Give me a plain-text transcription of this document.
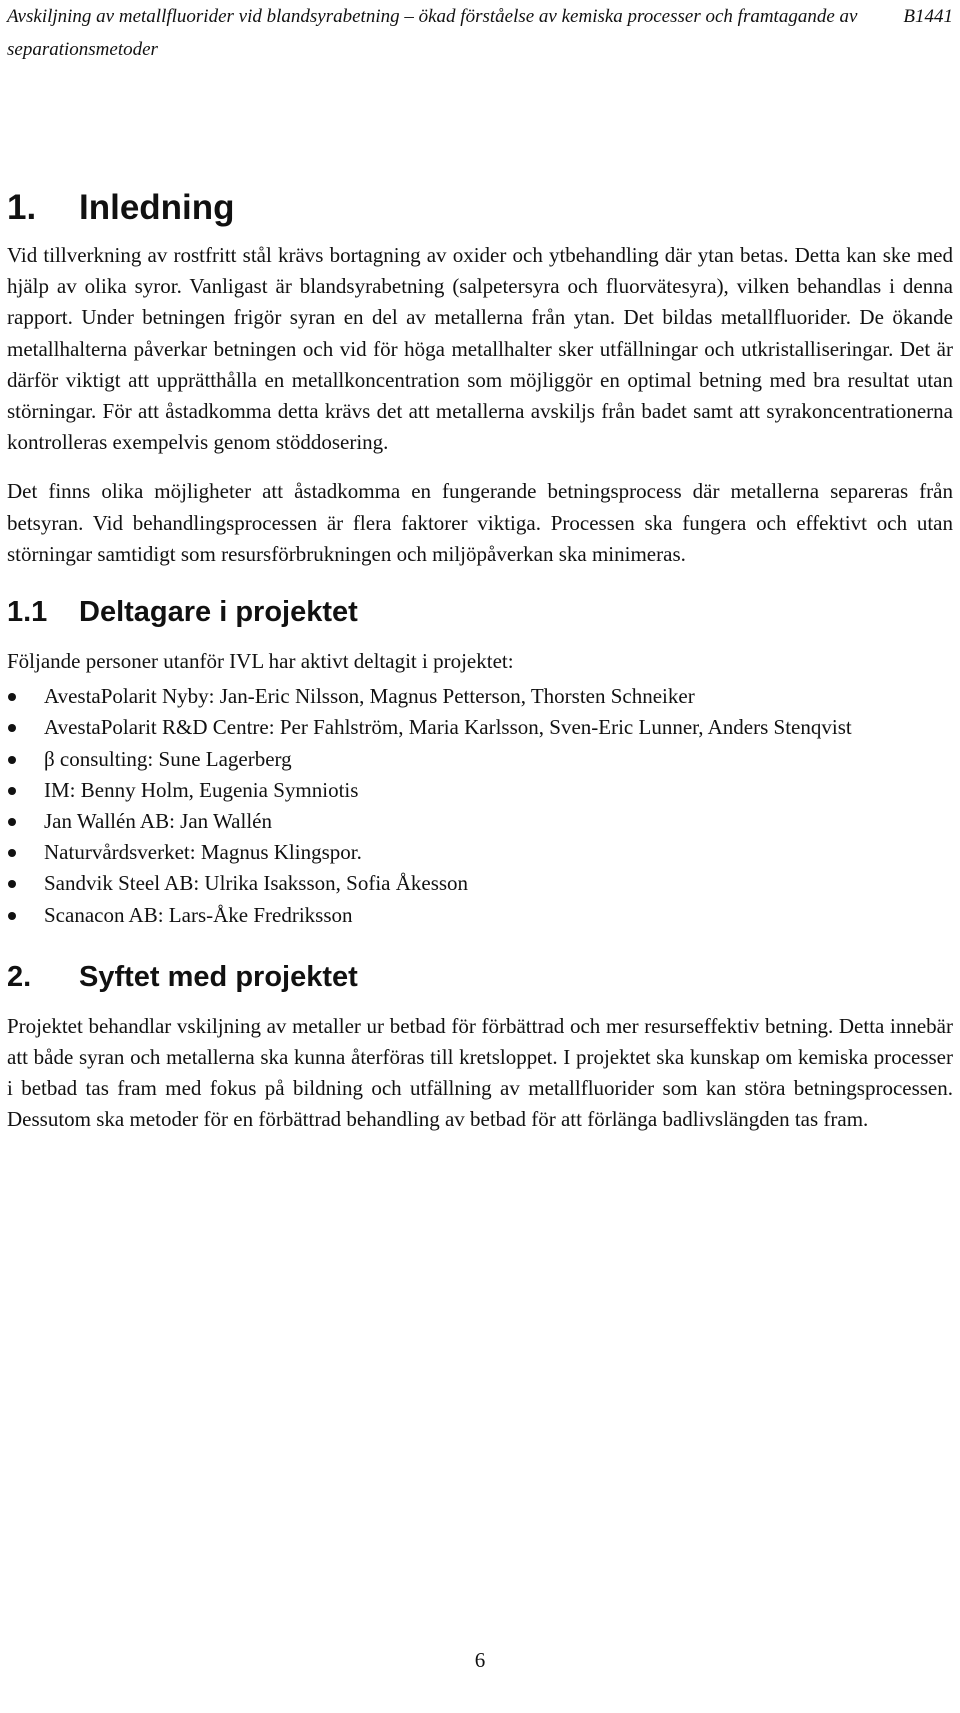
Avskiljning av metallfluorider vid blandsyrabetning – ökad förståelse av kemiska processer och framtagande av separationsmetoder
B1441
1.	Inledning

Vid tillverkning av rostfritt stål krävs bortagning av oxider och ytbehandling där ytan betas. Detta kan ske med hjälp av olika syror. Vanligast är blandsyrabetning (salpetersyra och fluorvätesyra), vilken behandlas i denna rapport. Under betningen frigör syran en del av metallerna från ytan. Det bildas metallfluorider. De ökande metallhalterna påverkar betningen och vid för höga metallhalter sker utfällningar och utkristalliseringar. Det är därför viktigt att upprätthålla en metallkoncentration som möjliggör en optimal betning med bra resultat utan störningar. För att åstadkomma detta krävs det att metallerna avskiljs från badet samt att syrakoncentrationerna kontrolleras exempelvis genom stöddosering.

Det finns olika möjligheter att åstadkomma en fungerande betningsprocess där metallerna separeras från betsyran. Vid behandlingsprocessen är flera faktorer viktiga. Processen ska fungera och effektivt och utan störningar samtidigt som resursförbrukningen och miljöpåverkan ska minimeras.

1.1	Deltagare i projektet

Följande personer utanför IVL har aktivt deltagit i projektet:

AvestaPolarit Nyby: Jan-Eric Nilsson, Magnus Petterson, Thorsten Schneiker
AvestaPolarit R&D Centre: Per Fahlström, Maria Karlsson, Sven-Eric Lunner, Anders Stenqvist
β consulting: Sune Lagerberg
IM: Benny Holm, Eugenia Symniotis
Jan Wallén AB: Jan Wallén
Naturvårdsverket: Magnus Klingspor.
Sandvik Steel AB: Ulrika Isaksson, Sofia Åkesson
Scanacon AB: Lars-Åke Fredriksson
2.	Syftet med projektet

Projektet behandlar vskiljning av metaller ur betbad för förbättrad och mer resurseffektiv betning. Detta innebär att både syran och metallerna ska kunna återföras till kretsloppet. I projektet ska kunskap om kemiska processer i betbad tas fram med fokus på bildning och utfällning av metallfluorider som kan störa betningsprocessen. Dessutom ska metoder för en förbättrad behandling av betbad för att förlänga badlivslängden tas fram.

6
